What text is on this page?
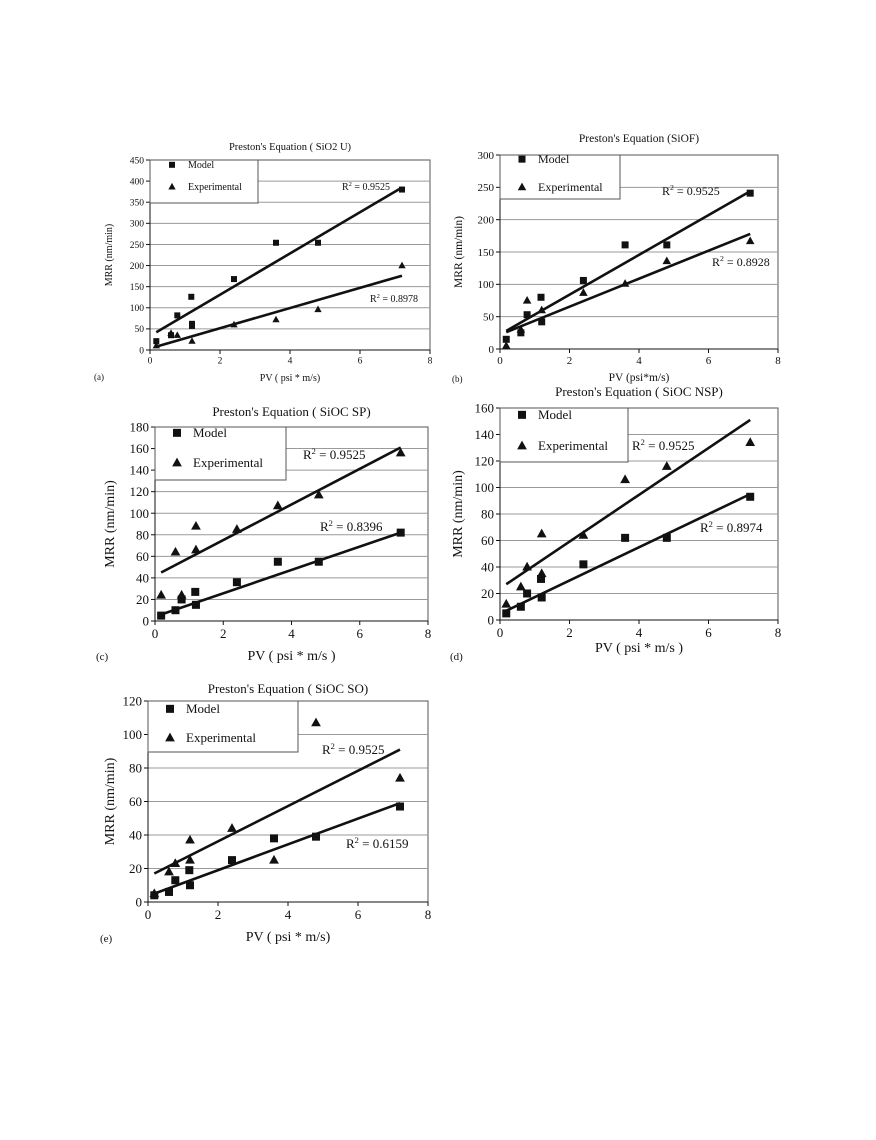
0
50
100
150
200
250
300
350
400
450
0	2	4	6	8
Preston's Equation ( SiO2 U)
PV ( psi * m/s)
MRR (nm/min)
(a)
$R^2 = 0.9525$
$R^2 = 0.8978$
Model
Experimental
0
50
100
150
200
250
300
0	2	4	6	8
Preston's Equation (SiOF)
PV (psi*m/s)
MRR (nm/min)
(b)
$R^2 = 0.9525$
$R^2 = 0.8928$
Model
Experimental
0
20
40
60
80
100
120
140
160
180
0	2	4	6	8
Preston's Equation ( SiOC SP)
PV ( psi * m/s )
MRR (nm/min)
(c)
$R^2 = 0.9525$
$R^2 = 0.8396$
Model
Experimental
0
20
40
60
80
100
120
140
160
0	2	4	6	8
Preston's Equation ( SiOC NSP)
PV ( psi * m/s )
MRR (nm/min)
(d)
$R^2 = 0.9525$
$R^2 = 0.8974$
Model
Experimental
0
20
40
60
80
100
120
0	2	4	6	8
Preston's Equation ( SiOC SO)
PV ( psi * m/s)
MRR (nm/min)
(e)
$R^2 = 0.9525$
$R^2 = 0.6159$
Model
Experimental
